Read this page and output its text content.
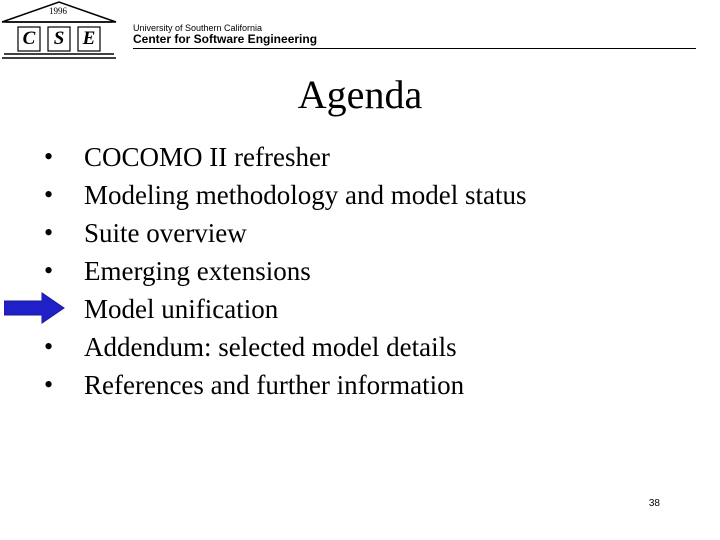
1996
C S E	University of Southern California
Center for Software Engineering
Agenda
• COCOMO II refresher
• Modeling methodology and model status
• Suite overview
• Emerging extensions
Model unification
• Addendum: selected model details
• References and further information
38
